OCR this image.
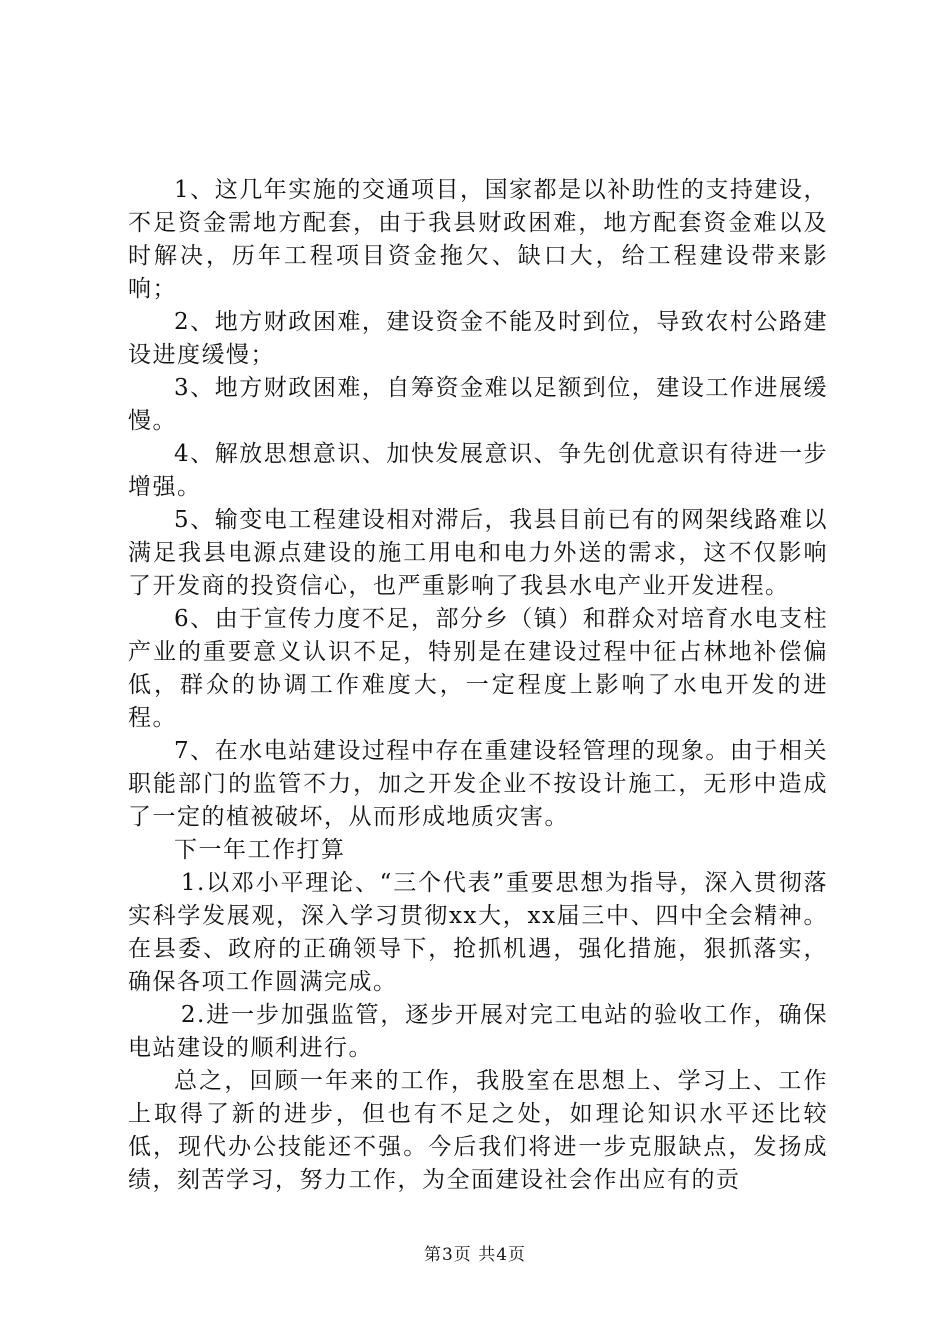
1、这几年实施的交通项目，国家都是以补助性的支持建设，不足资金需地方配套，由于我县财政困难，地方配套资金难以及时解决，历年工程项目资金拖欠、缺口大，给工程建设带来影响；

2、地方财政困难，建设资金不能及时到位，导致农村公路建设进度缓慢；

3、地方财政困难，自筹资金难以足额到位，建设工作进展缓慢。

4、解放思想意识、加快发展意识、争先创优意识有待进一步增强。

5、输变电工程建设相对滞后，我县目前已有的网架线路难以满足我县电源点建设的施工用电和电力外送的需求，这不仅影响了开发商的投资信心，也严重影响了我县水电产业开发进程。

6、由于宣传力度不足，部分乡（镇）和群众对培育水电支柱产业的重要意义认识不足，特别是在建设过程中征占林地补偿偏低，群众的协调工作难度大，一定程度上影响了水电开发的进程。

7、在水电站建设过程中存在重建设轻管理的现象。由于相关职能部门的监管不力，加之开发企业不按设计施工，无形中造成了一定的植被破坏，从而形成地质灾害。

下一年工作打算

1.以邓小平理论、“三个代表”重要思想为指导，深入贯彻落实科学发展观，深入学习贯彻xx大，xx届三中、四中全会精神。在县委、政府的正确领导下，抢抓机遇，强化措施，狠抓落实，确保各项工作圆满完成。

2.进一步加强监管，逐步开展对完工电站的验收工作，确保电站建设的顺利进行。

总之，回顾一年来的工作，我股室在思想上、学习上、工作上取得了新的进步，但也有不足之处，如理论知识水平还比较低，现代办公技能还不强。今后我们将进一步克服缺点，发扬成绩，刻苦学习，努力工作，为全面建设社会作出应有的贡

第3页 共4页
